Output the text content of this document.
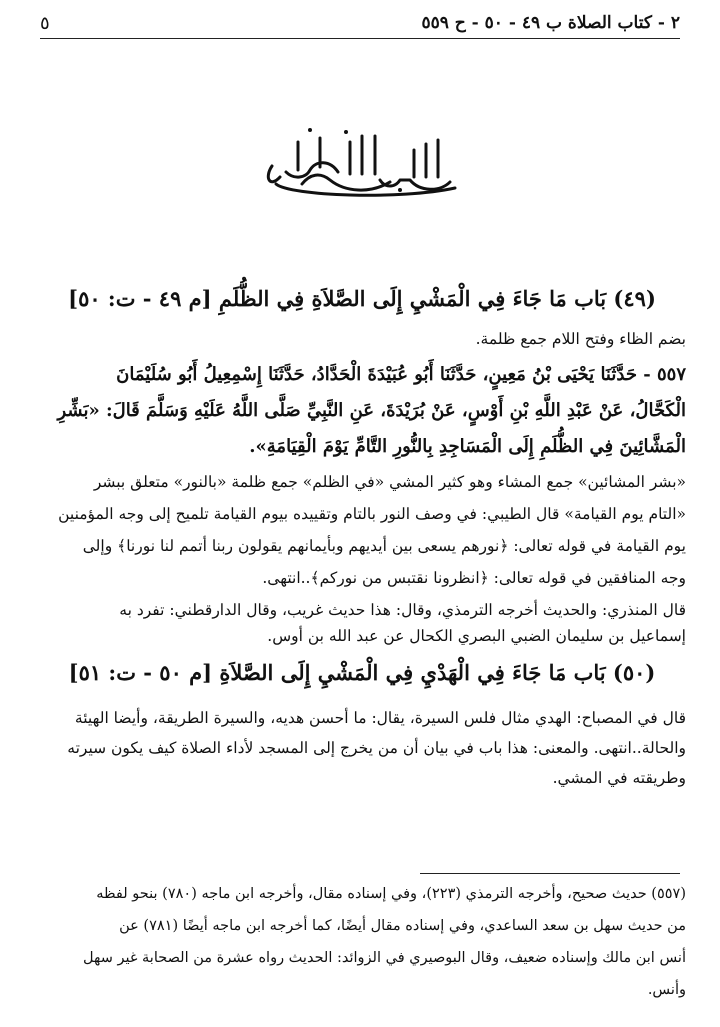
٢ - كتاب الصلاة ب ٤٩ - ٥٠ - ح ٥٥٩
٥
(٤٩) بَاب مَا جَاءَ فِي الْمَشْيِ إِلَى الصَّلاَةِ فِي الظُّلَمِ [م ٤٩ - ت: ٥٠]
بضم الظاء وفتح اللام جمع ظلمة.
٥٥٧ - حَدَّثَنَا يَحْيَى بْنُ مَعِينٍ، حَدَّثَنَا أَبُو عُبَيْدَةَ الْحَدَّادُ، حَدَّثَنَا إِسْمِعِيلُ أَبُو سُلَيْمَانَ
الْكَحَّالُ، عَنْ عَبْدِ اللَّهِ بْنِ أَوْسٍ، عَنْ بُرَيْدَةَ، عَنِ النَّبِيِّ صَلَّى اللَّهُ عَلَيْهِ وَسَلَّمَ قَالَ: «بَشِّرِ
الْمَشَّائِينَ فِي الظُّلَمِ إِلَى الْمَسَاجِدِ بِالنُّورِ التَّامِّ يَوْمَ الْقِيَامَةِ».
«بشر المشائين» جمع المشاء وهو كثير المشي «في الظلم» جمع ظلمة «بالنور» متعلق ببشر
«التام يوم القيامة» قال الطيبي: في وصف النور بالتام وتقييده بيوم القيامة تلميح إلى وجه المؤمنين
يوم القيامة في قوله تعالى: ﴿نورهم يسعى بين أيديهم وبأيمانهم يقولون ربنا أتمم لنا نورنا﴾ وإلى
وجه المنافقين في قوله تعالى: ﴿انظرونا نقتبس من نوركم﴾..انتهى.
قال المنذري: والحديث أخرجه الترمذي، وقال: هذا حديث غريب، وقال الدارقطني: تفرد به
إسماعيل بن سليمان الضبي البصري الكحال عن عبد الله بن أوس.
(٥٠) بَاب مَا جَاءَ فِي الْهَدْيِ فِي الْمَشْيِ إِلَى الصَّلاَةِ [م ٥٠ - ت: ٥١]
قال في المصباح: الهدي مثال فلس السيرة، يقال: ما أحسن هديه، والسيرة الطريقة، وأيضا الهيئة
والحالة..انتهى. والمعنى: هذا باب في بيان أن من يخرج إلى المسجد لأداء الصلاة كيف يكون سيرته
وطريقته في المشي.
(٥٥٧) حديث صحيح، وأخرجه الترمذي (٢٢٣)، وفي إسناده مقال، وأخرجه ابن ماجه (٧٨٠) بنحو لفظه
من حديث سهل بن سعد الساعدي، وفي إسناده مقال أيضًا، كما أخرجه ابن ماجه أيضًا (٧٨١) عن
أنس ابن مالك وإسناده ضعيف، وقال البوصيري في الزوائد: الحديث رواه عشرة من الصحابة غير سهل
وأنس.
